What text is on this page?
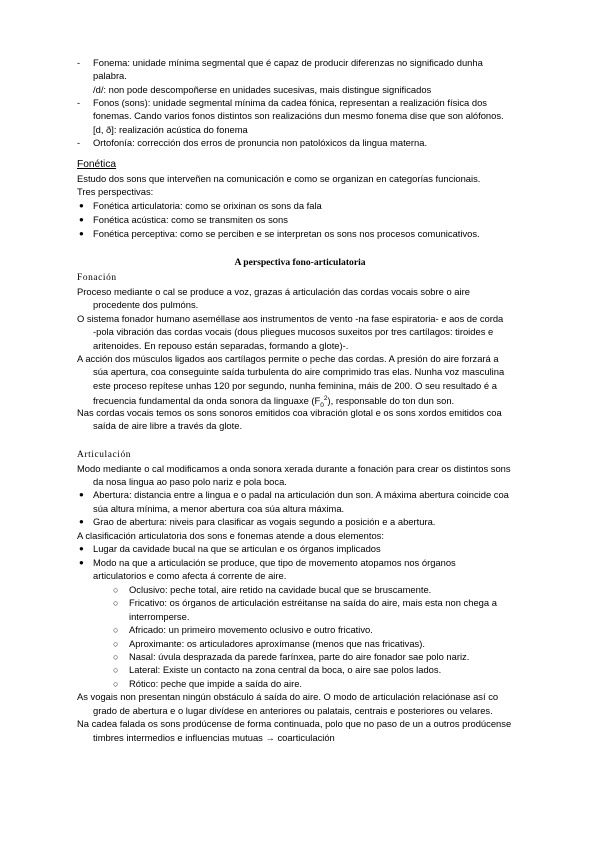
- Fonema: unidade mínima segmental que é capaz de producir diferenzas no significado dunha
palabra.
/d/: non pode descompoñerse en unidades sucesivas, mais distingue significados
- Fonos (sons): unidade segmental mínima da cadea fónica, representan a realización física dos
fonemas. Cando varios fonos distintos son realizacións dun mesmo fonema dise que son alófonos.
[d, ð]: realización acústica do fonema
- Ortofonía: corrección dos erros de pronuncia non patolóxicos da lingua materna.
Fonética
Estudo dos sons que interveñen na comunicación e como se organizan en categorías funcionais.
Tres perspectivas:
● Fonética articulatoria: como se orixinan os sons da fala
● Fonética acústica: como se transmiten os sons
● Fonética perceptiva: como se perciben e se interpretan os sons nos procesos comunicativos.
A perspectiva fono-articulatoria
Fonación
Proceso mediante o cal se produce a voz, grazas á articulación das cordas vocais sobre o aire
procedente dos pulmóns.
O sistema fonador humano aseméllase aos instrumentos de vento -na fase espiratoria- e aos de corda
-pola vibración das cordas vocais (dous pliegues mucosos suxeitos por tres cartílagos: tiroides e
aritenoides. En repouso están separadas, formando a glote)-.
A acción dos músculos ligados aos cartílagos permite o peche das cordas. A presión do aire forzará a
súa apertura, coa conseguinte saída turbulenta do aire comprimido tras elas. Nunha voz masculina
este proceso repítese unhas 120 por segundo, nunha feminina, máis de 200. O seu resultado é a
frecuencia fundamental da onda sonora da linguaxe $(F_0^2)$, responsable do ton dun son.
Nas cordas vocais temos os sons sonoros emitidos coa vibración glotal e os sons xordos emitidos coa
saída de aire libre a través da glote.
Articulación
Modo mediante o cal modificamos a onda sonora xerada durante a fonación para crear os distintos sons
da nosa lingua ao paso polo nariz e pola boca.
● Abertura: distancia entre a lingua e o padal na articulación dun son. A máxima abertura coincide coa
súa altura mínima, a menor abertura coa súa altura máxima.
● Grao de abertura: niveis para clasificar as vogais segundo a posición e a abertura.
A clasificación articulatoria dos sons e fonemas atende a dous elementos:
● Lugar da cavidade bucal na que se articulan e os órganos implicados
● Modo na que a articulación se produce, que tipo de movemento atopamos nos órganos
articulatorios e como afecta á corrente de aire.
○ Oclusivo: peche total, aire retido na cavidade bucal que se bruscamente.
○ Fricativo: os órganos de articulación estréitanse na saída do aire, mais esta non chega a
interromperse.
○ Africado: un primeiro movemento oclusivo e outro fricativo.
○ Aproximante: os articuladores aproxímanse (menos que nas fricativas).
○ Nasal: úvula desprazada da parede farínxea, parte do aire fonador sae polo nariz.
○ Lateral: Existe un contacto na zona central da boca, o aire sae polos lados.
○ Rótico: peche que impide a saída do aire.
As vogais non presentan ningún obstáculo á saída do aire. O modo de articulación relaciónase así co
grado de abertura e o lugar divídese en anteriores ou palatais, centrais e posteriores ou velares.
Na cadea falada os sons prodúcense de forma continuada, polo que no paso de un a outros prodúcense
timbres intermedios e influencias mutuas → coarticulación
